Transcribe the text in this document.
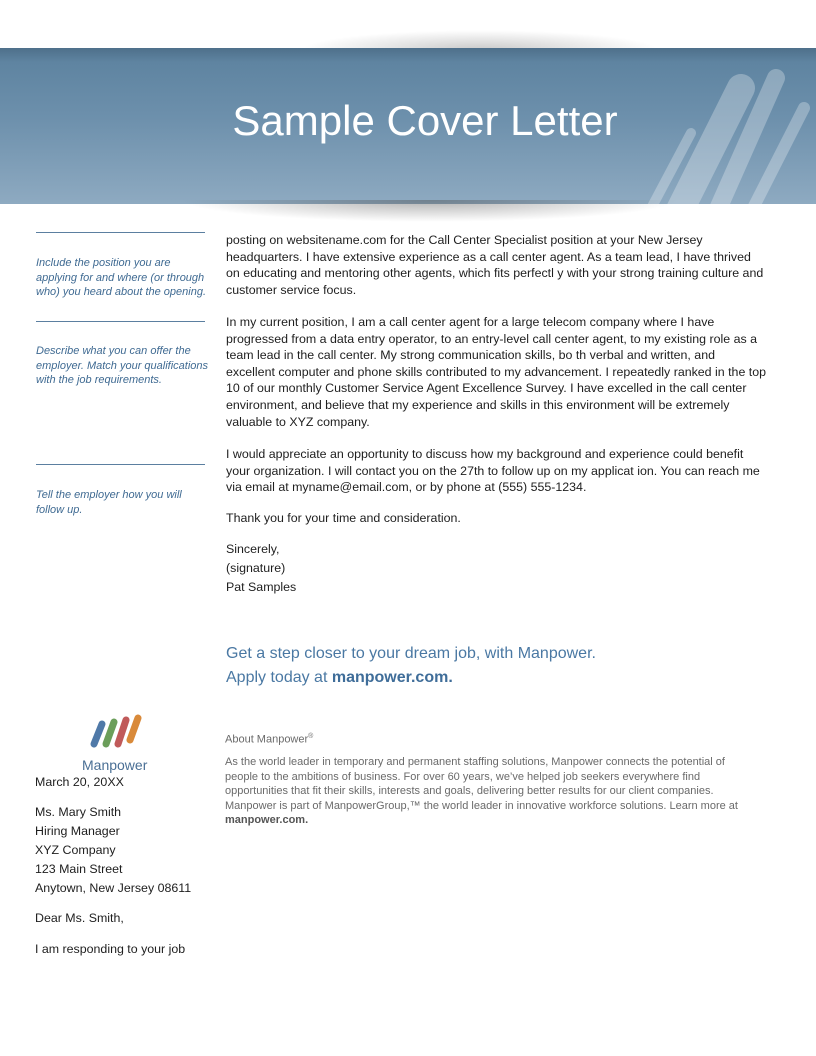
Sample Cover Letter
Include the position you are applying for and where (or through who) you heard about the opening.
Describe what you can offer the employer. Match your qualifications with the job requirements.
Tell the employer how you will follow up.

posting on websitename.com for the Call Center Specialist position at your New Jersey headquarters. I have extensive experience as a call center agent. As a team lead, I have thrived on educating and mentoring other agents, which fits perfectl y with your strong training culture and customer service focus.

In my current position, I am a call center agent for a large telecom company where I have progressed from a data entry operator, to an entry-level call center agent, to my existing role as a team lead in the call center. My strong communication skills, bo th verbal and written, and excellent computer and phone skills contributed to my advancement. I repeatedly ranked in the top 10 of our monthly Customer Service Agent Excellence Survey. I have excelled in the call center environment, and believe that my experience and skills in this environment will be extremely valuable to XYZ company.

I would appreciate an opportunity to discuss how my background and experience could benefit your organization. I will contact you on the 27th to follow up on my applicat ion. You can reach me via email at myname@email.com, or by phone at (555) 555-1234.

Thank you for your time and consideration.

Sincerely,

(signature)

Pat Samples

Get a step closer to your dream job, with Manpower.
Apply today at manpower.com.
Manpower
March 20, 20XX
Ms. Mary Smith
Hiring Manager
XYZ Company
123 Main Street
Anytown, New Jersey 08611
Dear Ms. Smith,
I am responding to your job
About Manpower®
As the world leader in temporary and permanent staffing solutions, Manpower connects the potential of people to the ambitions of business. For over 60 years, we’ve helped job seekers everywhere find opportunities that fit their skills, interests and goals, delivering better results for our client companies. Manpower is part of ManpowerGroup,™ the world leader in innovative workforce solutions. Learn more at manpower.com.
